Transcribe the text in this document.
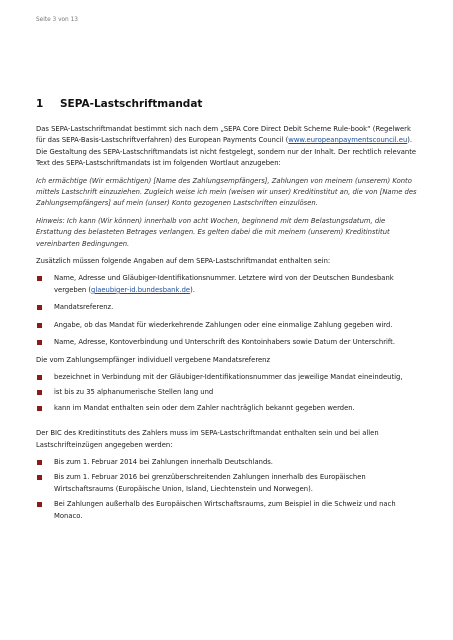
Seite 3 von 13
1 SEPA-Lastschriftmandat

Das SEPA-Lastschriftmandat bestimmt sich nach dem „SEPA Core Direct Debit Scheme Rule-book“ (Regelwerk für das SEPA-Basis-Lastschriftverfahren) des European Payments Council (www.europeanpaymentscouncil.eu). Die Gestaltung des SEPA-Lastschriftmandats ist nicht festgelegt, sondern nur der Inhalt. Der rechtlich relevante Text des SEPA-Lastschriftmandats ist im folgenden Wortlaut anzugeben:

Ich ermächtige (Wir ermächtigen) [Name des Zahlungsempfängers], Zahlungen von meinem (unserem) Konto mittels Lastschrift einzuziehen. Zugleich weise ich mein (weisen wir unser) Kreditinstitut an, die von [Name des Zahlungsempfängers] auf mein (unser) Konto gezogenen Lastschriften einzulösen.

Hinweis: Ich kann (Wir können) innerhalb von acht Wochen, beginnend mit dem Belastungsdatum, die Erstattung des belasteten Betrages verlangen. Es gelten dabei die mit meinem (unserem) Kreditinstitut vereinbarten Bedingungen.

Zusätzlich müssen folgende Angaben auf dem SEPA-Lastschriftmandat enthalten sein:

Name, Adresse und Gläubiger-Identifikationsnummer. Letztere wird von der Deutschen Bundesbank vergeben (glaeubiger-id.bundesbank.de).
Mandatsreferenz.
Angabe, ob das Mandat für wiederkehrende Zahlungen oder eine einmalige Zahlung gegeben wird.
Name, Adresse, Kontoverbindung und Unterschrift des Kontoinhabers sowie Datum der Unterschrift.

Die vom Zahlungsempfänger individuell vergebene Mandatsreferenz

bezeichnet in Verbindung mit der Gläubiger-Identifikationsnummer das jeweilige Mandat eineindeutig,
ist bis zu 35 alphanumerische Stellen lang und
kann im Mandat enthalten sein oder dem Zahler nachträglich bekannt gegeben werden.

Der BIC des Kreditinstituts des Zahlers muss im SEPA-Lastschriftmandat enthalten sein und bei allen Lastschrifteinzügen angegeben werden:

Bis zum 1. Februar 2014 bei Zahlungen innerhalb Deutschlands.
Bis zum 1. Februar 2016 bei grenzüberschreitenden Zahlungen innerhalb des Europäischen Wirtschaftsraums (Europäische Union, Island, Liechtenstein und Norwegen).
Bei Zahlungen außerhalb des Europäischen Wirtschaftsraums, zum Beispiel in die Schweiz und nach Monaco.
